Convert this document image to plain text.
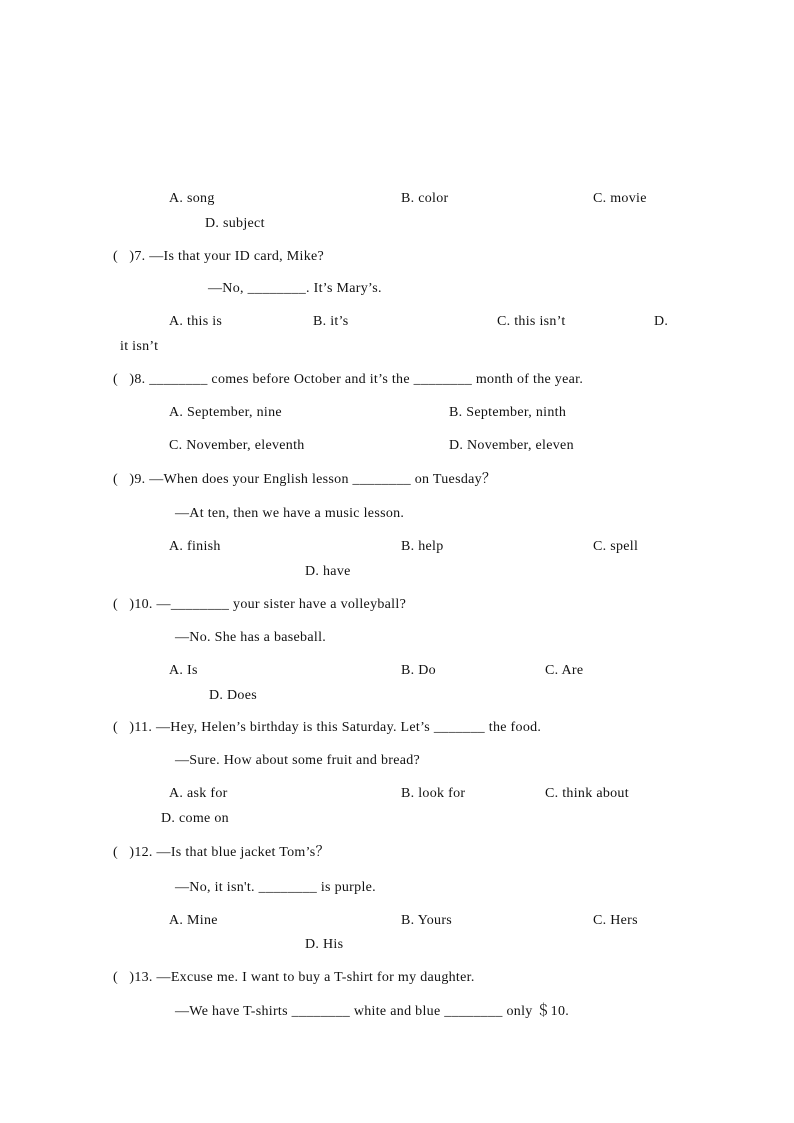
A. song	B. color	C. movie
D. subject
(   )7. —Is that your ID card, Mike?
—No, ________. It’s Mary’s.
A. this is	B. it’s	C. this isn’t	D.
it isn’t
(   )8. ________ comes before October and it’s the ________ month of the year.
A. September, nine	B. September, ninth
C. November, eleventh	D. November, eleven
(   )9. —When does your English lesson ________ on Tuesday？
—At ten, then we have a music lesson.
A. finish	B. help	C. spell
D. have
(   )10. —________ your sister have a volleyball?
—No. She has a baseball.
A. Is	B. Do	C. Are
D. Does
(   )11. —Hey, Helen’s birthday is this Saturday. Let’s _______ the food.
—Sure. How about some fruit and bread?
A. ask for	B. look for	C. think about
D. come on
(   )12. —Is that blue jacket Tom’s？
—No, it isn't. ________ is purple.
A. Mine	B. Yours	C. Hers
D. His
(   )13. —Excuse me. I want to buy a T-shirt for my daughter.
—We have T-shirts ________ white and blue ________ only ＄10.
